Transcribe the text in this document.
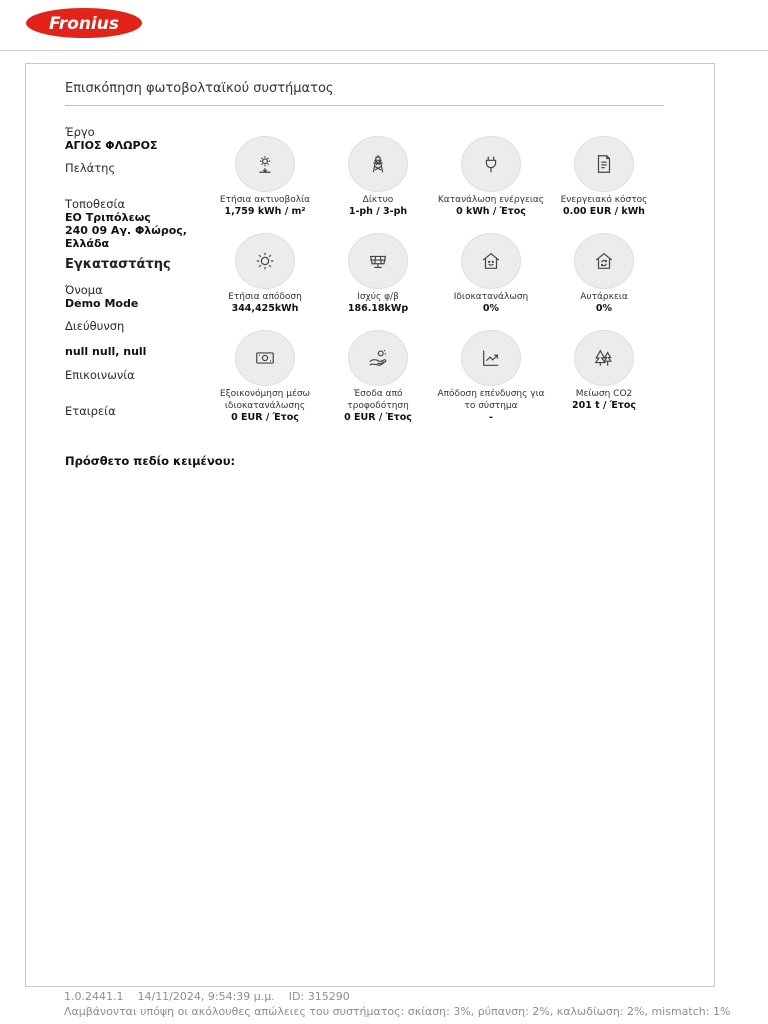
Fronius
Επισκόπηση φωτοβολταϊκού συστήματος
Έργο
ΑΓΙΟΣ ΦΛΩΡΟΣ
Πελάτης
Τοποθεσία
ΕΟ Τριπόλεως
240 09 Αγ. Φλώρος,
Ελλάδα
Εγκαταστάτης
Όνομα
Demo Mode
Διεύθυνση
null null, null
Επικοινωνία
Εταιρεία
Ετήσια ακτινοβολία
1,759 kWh / m²
Δίκτυο
1-ph / 3-ph
Κατανάλωση ενέργειας
0 kWh / Έτος
Ενεργειακό κόστος
0.00 EUR / kWh
Ετήσια απόδοση
344,425kWh
Ισχύς φ/β
186.18kWp
Ιδιοκατανάλωση
0%
Αυτάρκεια
0%
Εξοικονόμηση μέσω ιδιοκατανάλωσης
0 EUR / Έτος
Έσοδα από τροφοδότηση
0 EUR / Έτος
Απόδοση επένδυσης για το σύστημα
-
Μείωση CO2
201 t / Έτος
Πρόσθετο πεδίο κειμένου:
1.0.2441.1 14/11/2024, 9:54:39 μ.μ. ID: 315290
Λαμβάνονται υπόψη οι ακόλουθες απώλειες του συστήματος: σκίαση: 3%, ρύπανση: 2%, καλωδίωση: 2%, mismatch: 1%
